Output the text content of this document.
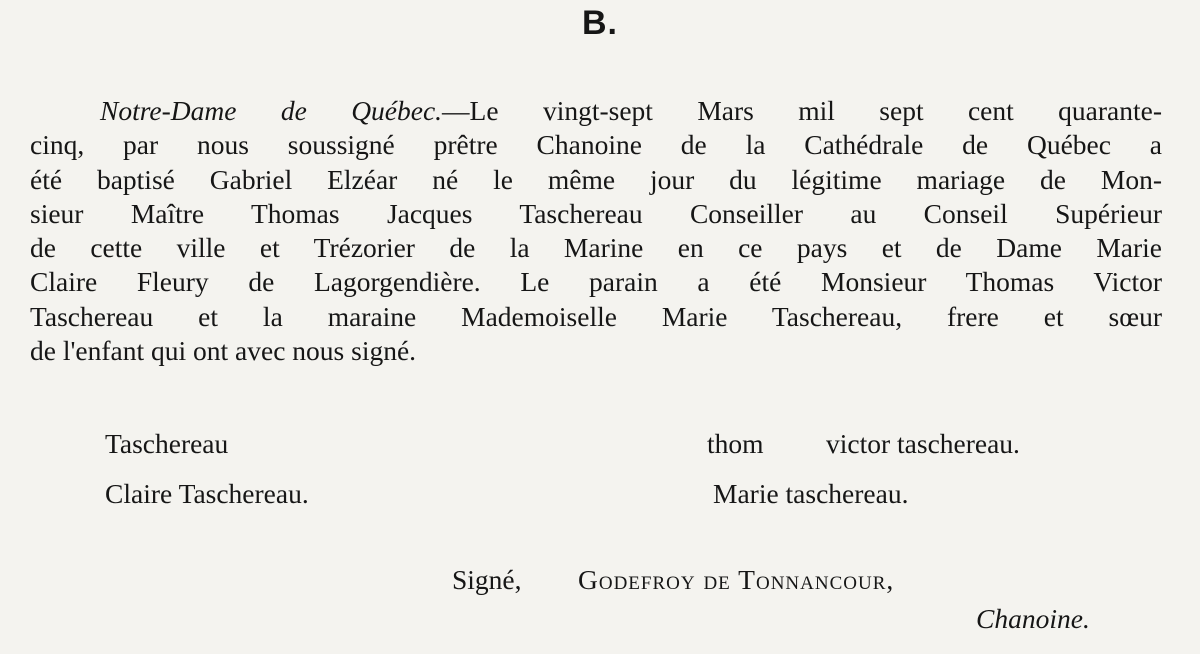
B.
Notre-Dame de Québec.—Le vingt-sept Mars mil sept cent quarante-
cinq, par nous soussigné prêtre Chanoine de la Cathédrale de Québec a
été baptisé Gabriel Elzéar né le même jour du légitime mariage de Mon-
sieur Maître Thomas Jacques Taschereau Conseiller au Conseil Supérieur
de cette ville et Trézorier de la Marine en ce pays et de Dame Marie
Claire Fleury de Lagorgendière. Le parain a été Monsieur Thomas Victor
Taschereau et la maraine Mademoiselle Marie Taschereau, frere et sœur
de l'enfant qui ont avec nous signé.
Taschereau
Claire Taschereau.
thom victor taschereau.
Marie taschereau.
Signé, Godefroy de Tonnancour,
Chanoine.
